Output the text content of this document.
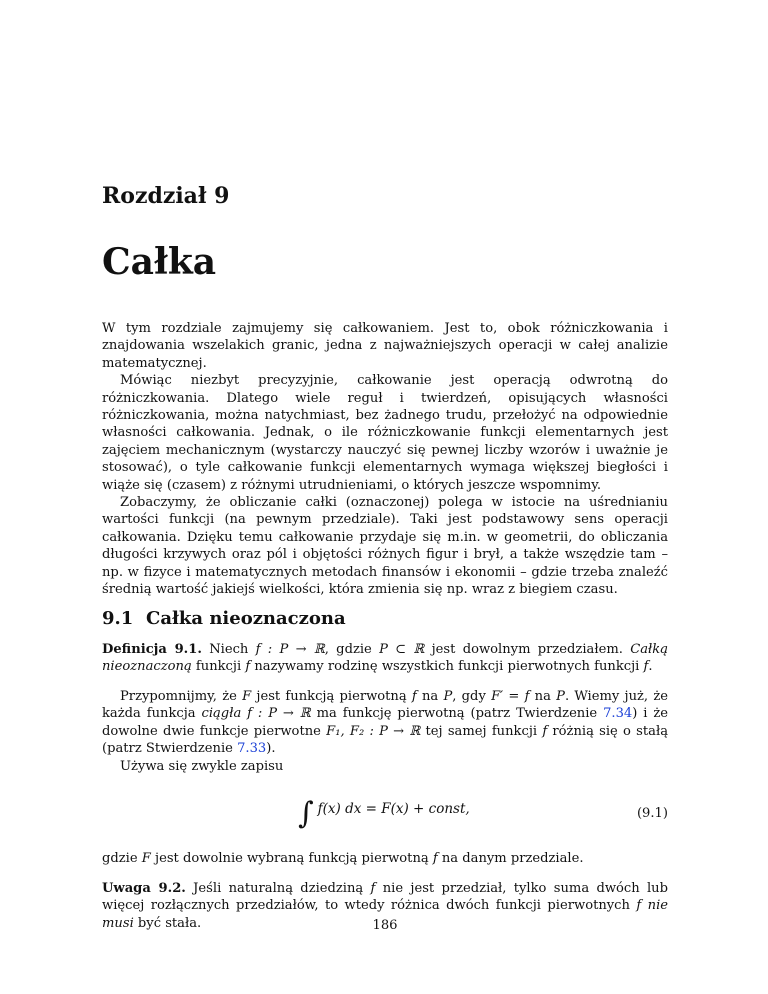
Rozdział 9
Całka

W tym rozdziale zajmujemy się całkowaniem. Jest to, obok różniczkowania i znajdowania wszelakich granic, jedna z najważniejszych operacji w całej analizie matematycznej.

Mówiąc niezbyt precyzyjnie, całkowanie jest operacją odwrotną do różniczkowania. Dlatego wiele reguł i twierdzeń, opisujących własności różniczkowania, można natychmiast, bez żadnego trudu, przełożyć na odpowiednie własności całkowania. Jednak, o ile różniczkowanie funkcji elementarnych jest zajęciem mechanicznym (wystarczy nauczyć się pewnej liczby wzorów i uważnie je stosować), o tyle całkowanie funkcji elementarnych wymaga większej biegłości i wiąże się (czasem) z różnymi utrudnieniami, o których jeszcze wspomnimy.

Zobaczymy, że obliczanie całki (oznaczonej) polega w istocie na uśrednianiu wartości funkcji (na pewnym przedziale). Taki jest podstawowy sens operacji całkowania. Dzięku temu całkowanie przydaje się m.in. w geometrii, do obliczania długości krzywych oraz pól i objętości różnych figur i brył, a także wszędzie tam – np. w fizyce i matematycznych metodach finansów i ekonomii – gdzie trzeba znaleźć średnią wartość jakiejś wielkości, która zmienia się np. wraz z biegiem czasu.

9.1 Całka nieoznaczona
Definicja 9.1. Niech f : P → ℝ, gdzie P ⊂ ℝ jest dowolnym przedziałem. Całką nieoznaczoną funkcji f nazywamy rodzinę wszystkich funkcji pierwotnych funkcji f.

Przypomnijmy, że F jest funkcją pierwotną f na P, gdy F′ = f na P. Wiemy już, że każda funkcja ciągła f : P → ℝ ma funkcję pierwotną (patrz Twierdzenie 7.34) i że dowolne dwie funkcje pierwotne F₁, F₂ : P → ℝ tej samej funkcji f różnią się o stałą (patrz Stwierdzenie 7.33).

Używa się zwykle zapisu

∫ f(x) dx = F(x) + const,	(9.1)
gdzie F jest dowolnie wybraną funkcją pierwotną f na danym przedziale.
Uwaga 9.2. Jeśli naturalną dziedziną f nie jest przedział, tylko suma dwóch lub więcej rozłącznych przedziałów, to wtedy różnica dwóch funkcji pierwotnych f nie musi być stała.	186
